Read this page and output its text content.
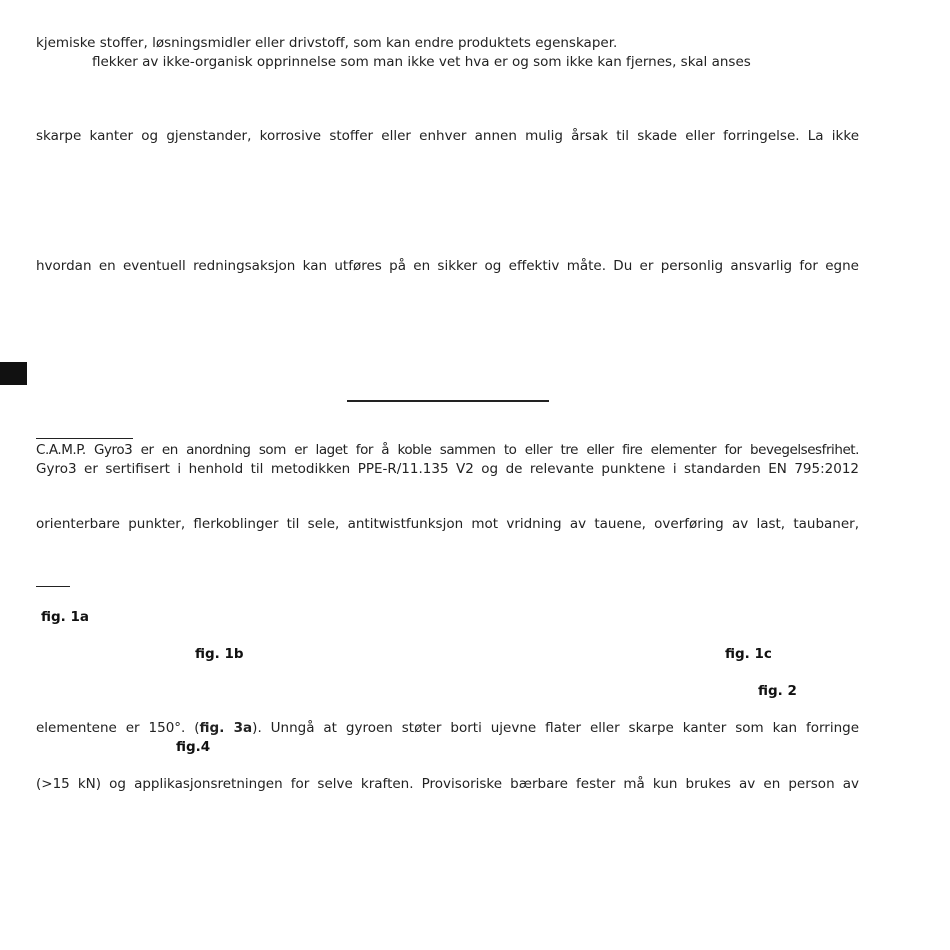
kjemiske stoffer, løsningsmidler eller drivstoff, som kan endre produktets egenskaper.

flekker av ikke-organisk opprinnelse som man ikke vet hva er og som ikke kan fjernes, skal anses

skarpe kanter og gjenstander, korrosive stoffer eller enhver annen mulig årsak til skade eller forringelse. La ikke

hvordan en eventuell redningsaksjon kan utføres på en sikker og effektiv måte. Du er personlig ansvarlig for egne

C.A.M.P. Gyro3 er en anordning som er laget for å koble sammen to eller tre eller fire elementer for bevegelsesfrihet.

Gyro3 er sertifisert i henhold til metodikken PPE-R/11.135 V2 og de relevante punktene i standarden EN 795:2012

orienterbare punkter, flerkoblinger til sele, antitwistfunksjon mot vridning av tauene, overføring av last, taubaner,

fig. 1a

fig. 1b	fig. 1c

fig. 2

elementene er 150°. (fig. 3a). Unngå at gyroen støter borti ujevne flater eller skarpe kanter som kan forringe

fig.4

(>15 kN) og applikasjonsretningen for selve kraften. Provisoriske bærbare fester må kun brukes av en person av
